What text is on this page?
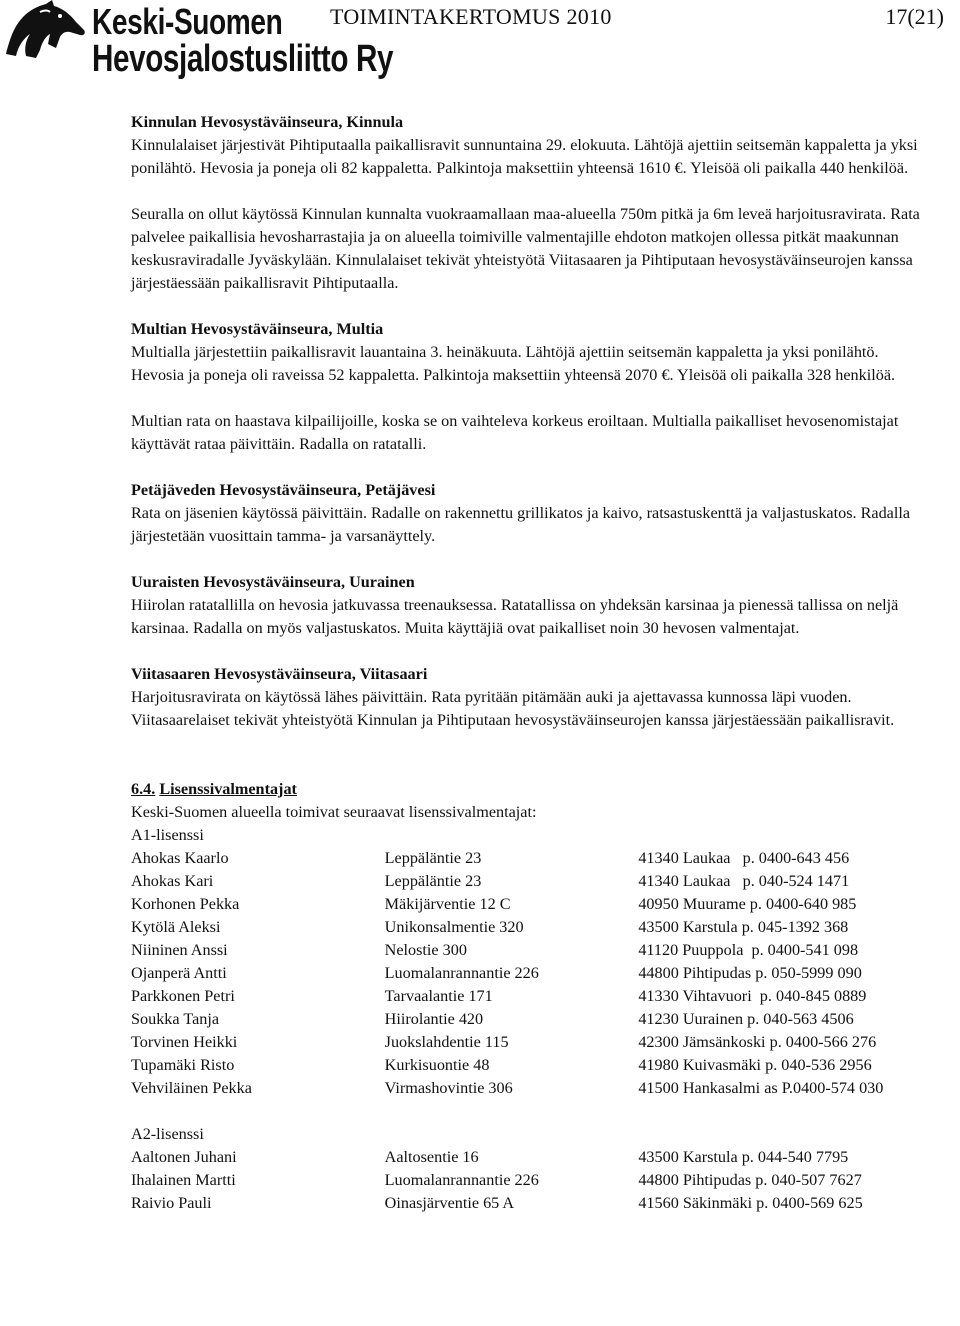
Keski-Suomen

Hevosjalostusliitto Ry

TOIMINTAKERTOMUS 2010	17(21)

Kinnulan Hevosystäväinseura, Kinnula

Kinnulalaiset järjestivät Pihtiputaalla paikallisravit sunnuntaina 29. elokuuta. Lähtöjä ajettiin seitsemän kappaletta ja yksi ponilähtö. Hevosia ja poneja oli 82 kappaletta. Palkintoja maksettiin yhteensä 1610 €. Yleisöä oli paikalla 440 henkilöä.

Seuralla on ollut käytössä Kinnulan kunnalta vuokraamallaan maa-alueella 750m pitkä ja 6m leveä harjoitusravirata. Rata palvelee paikallisia hevosharrastajia ja on alueella toimiville valmentajille ehdoton matkojen ollessa pitkät maakunnan keskusraviradalle Jyväskylään. Kinnulalaiset tekivät yhteistyötä Viitasaaren ja Pihtiputaan hevosystäväinseurojen kanssa järjestäessään paikallisravit Pihtiputaalla.

Multian Hevosystäväinseura, Multia

Multialla järjestettiin paikallisravit lauantaina 3. heinäkuuta. Lähtöjä ajettiin seitsemän kappaletta ja yksi ponilähtö. Hevosia ja poneja oli raveissa 52 kappaletta. Palkintoja maksettiin yhteensä 2070 €. Yleisöä oli paikalla 328 henkilöä.

Multian rata on haastava kilpailijoille, koska se on vaihteleva korkeus eroiltaan. Multialla paikalliset hevosenomistajat käyttävät rataa päivittäin. Radalla on ratatalli.

Petäjäveden Hevosystäväinseura, Petäjävesi

Rata on jäsenien käytössä päivittäin. Radalle on rakennettu grillikatos ja kaivo, ratsastuskenttä ja valjastuskatos. Radalla järjestetään vuosittain tamma- ja varsanäyttely.

Uuraisten Hevosystäväinseura, Uurainen

Hiirolan ratatallilla on hevosia jatkuvassa treenauksessa. Ratatallissa on yhdeksän karsinaa ja pienessä tallissa on neljä karsinaa. Radalla on myös valjastuskatos. Muita käyttäjiä ovat paikalliset noin 30 hevosen valmentajat.

Viitasaaren Hevosystäväinseura, Viitasaari

Harjoitusravirata on käytössä lähes päivittäin. Rata pyritään pitämään auki ja ajettavassa kunnossa läpi vuoden. Viitasaarelaiset tekivät yhteistyötä Kinnulan ja Pihtiputaan hevosystäväinseurojen kanssa järjestäessään paikallisravit.

6.4. Lisenssivalmentajat

Keski-Suomen alueella toimivat seuraavat lisenssivalmentajat:

A1-lisenssi

Ahokas Kaarlo	Leppäläntie 23	41340 Laukaa   p. 0400-643 456
Ahokas Kari	Leppäläntie 23	41340 Laukaa   p. 040-524 1471
Korhonen Pekka	Mäkijärventie 12 C	40950 Muurame p. 0400-640 985
Kytölä Aleksi	Unikonsalmentie 320	43500 Karstula p. 045-1392 368
Niininen Anssi	Nelostie 300	41120 Puuppola  p. 0400-541 098
Ojanperä Antti	Luomalanrannantie 226	44800 Pihtipudas p. 050-5999 090
Parkkonen Petri	Tarvaalantie 171	41330 Vihtavuori  p. 040-845 0889
Soukka Tanja	Hiirolantie 420	41230 Uurainen p. 040-563 4506
Torvinen Heikki	Juokslahdentie 115	42300 Jämsänkoski p. 0400-566 276
Tupamäki Risto	Kurkisuontie 48	41980 Kuivasmäki p. 040-536 2956
Vehviläinen Pekka	Virmashovintie 306	41500 Hankasalmi as P.0400-574 030

A2-lisenssi

Aaltonen Juhani	Aaltosentie 16	43500 Karstula p. 044-540 7795
Ihalainen Martti	Luomalanrannantie 226	44800 Pihtipudas p. 040-507 7627
Raivio Pauli	Oinasjärventie 65 A	41560 Säkinmäki p. 0400-569 625
